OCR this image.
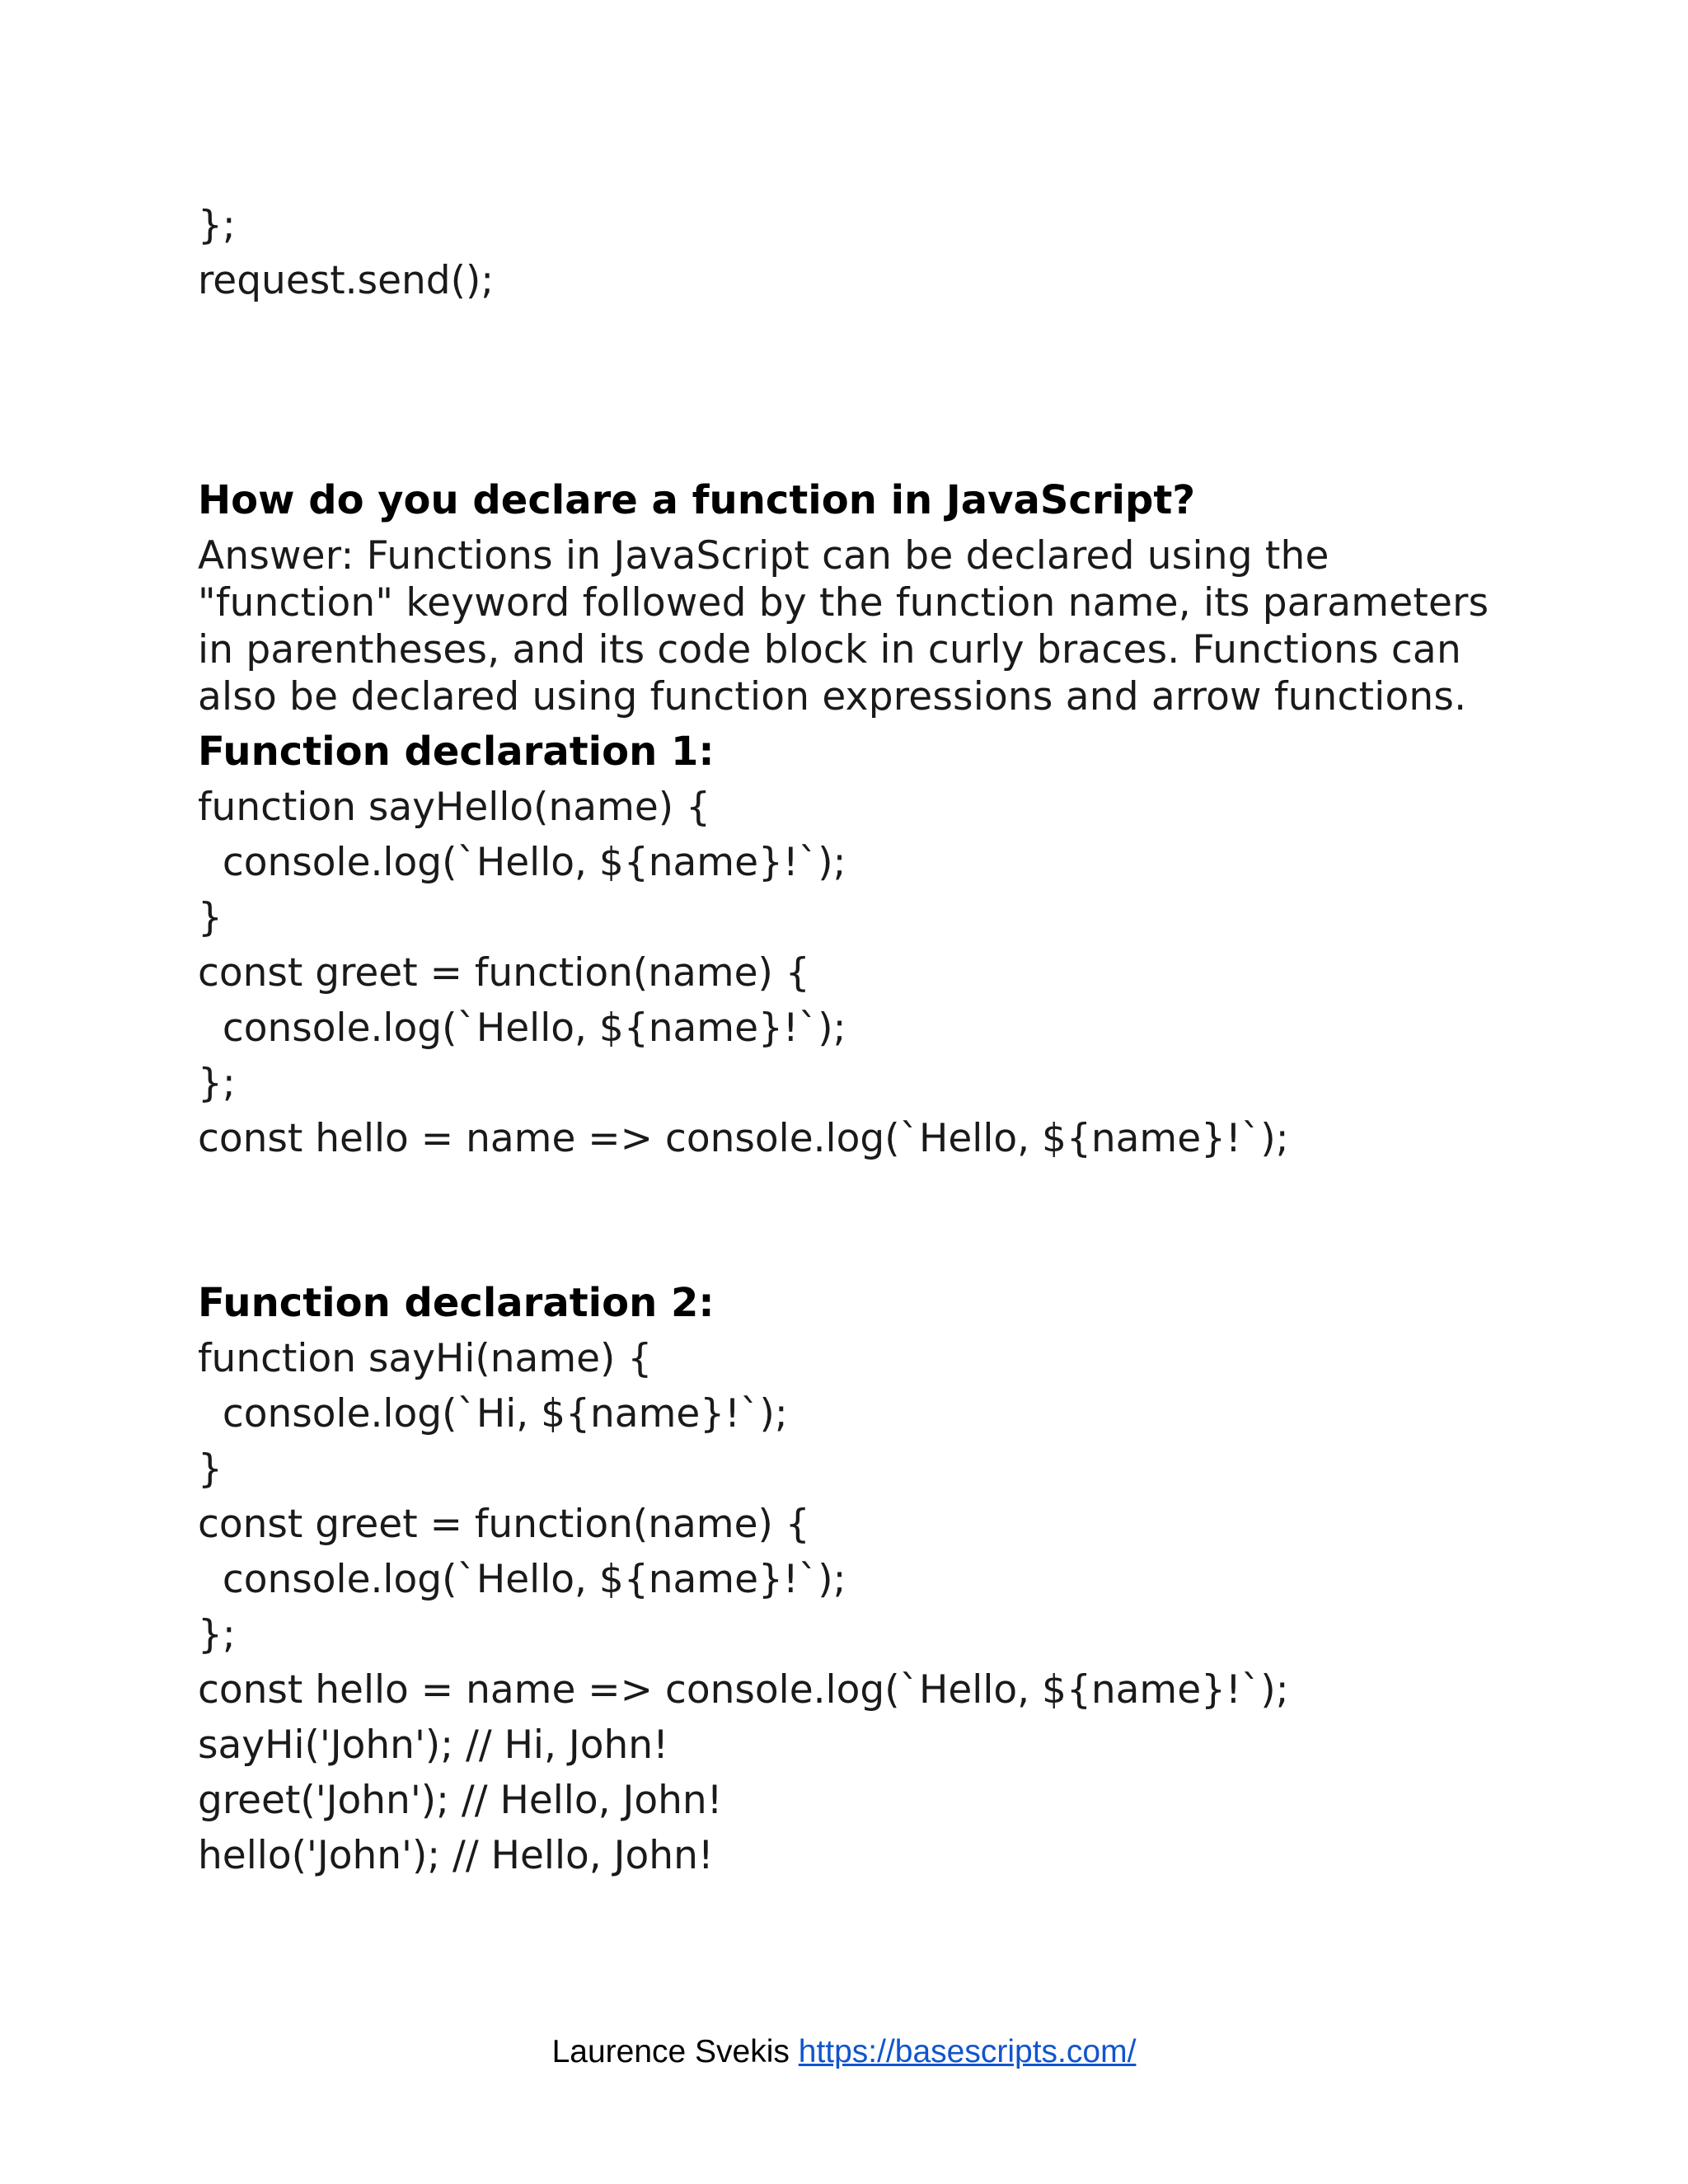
};
request.send();
How do you declare a function in JavaScript?

Answer: Functions in JavaScript can be declared using the "function" keyword followed by the function name, its parameters in parentheses, and its code block in curly braces. Functions can also be declared using function expressions and arrow functions.

Function declaration 1:
function sayHello(name) {
console.log(`Hello, ${name}!`);
}
const greet = function(name) {
console.log(`Hello, ${name}!`);
};
const hello = name => console.log(`Hello, ${name}!`);
Function declaration 2:
function sayHi(name) {
console.log(`Hi, ${name}!`);
}
const greet = function(name) {
console.log(`Hello, ${name}!`);
};
const hello = name => console.log(`Hello, ${name}!`);
sayHi('John'); // Hi, John!
greet('John'); // Hello, John!
hello('John'); // Hello, John!
Laurence Svekis https://basescripts.com/
